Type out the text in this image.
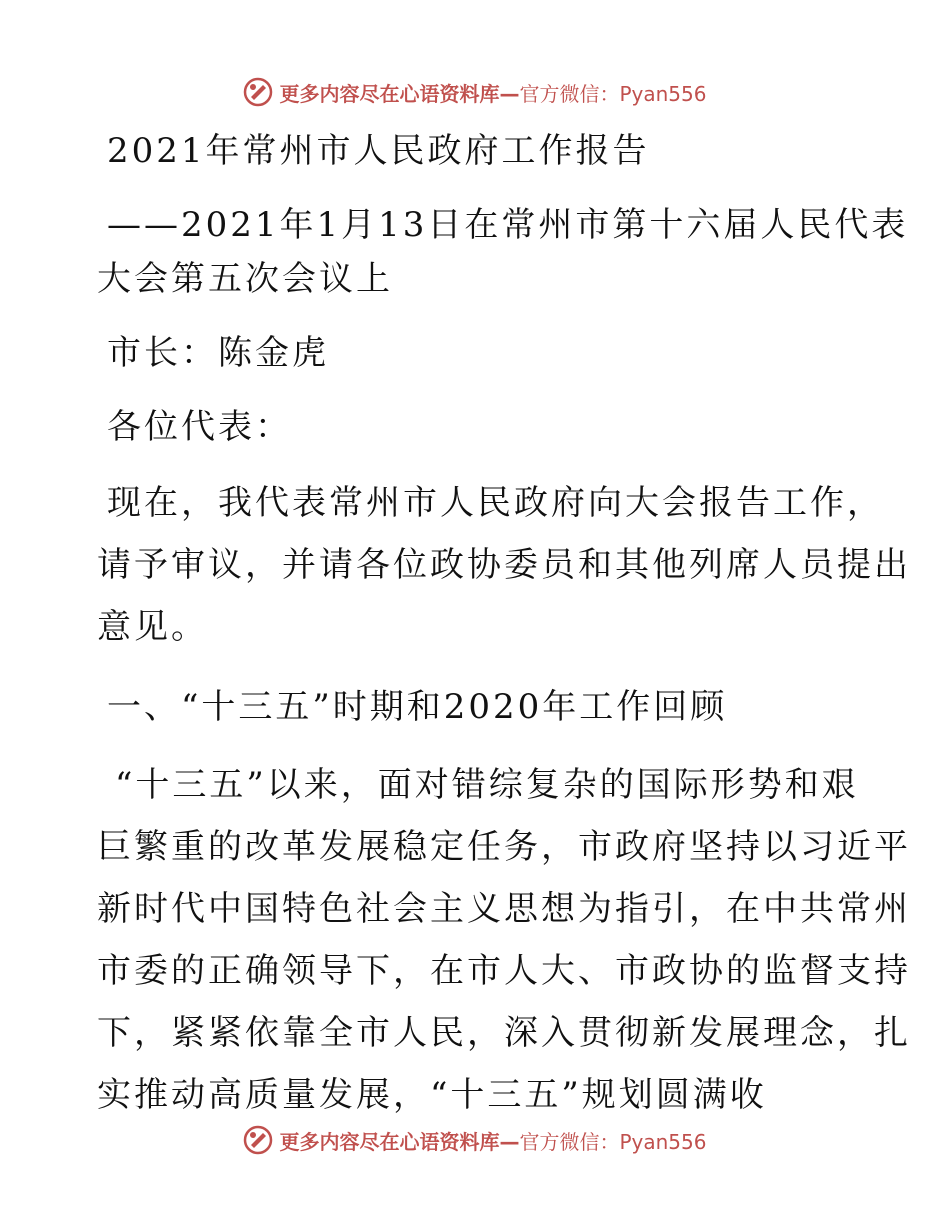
更多内容尽在心语资料库— 官方微信：Pyan556

2021年常州市人民政府工作报告

——2021年1月13日在常州市第十六届人民代表

大会第五次会议上

市长：陈金虎

各位代表：

现在，我代表常州市人民政府向大会报告工作，

请予审议，并请各位政协委员和其他列席人员提出

意见。

一、“十三五”时期和2020年工作回顾

“十三五”以来，面对错综复杂的国际形势和艰

巨繁重的改革发展稳定任务，市政府坚持以习近平

新时代中国特色社会主义思想为指引，在中共常州

市委的正确领导下，在市人大、市政协的监督支持

下，紧紧依靠全市人民，深入贯彻新发展理念，扎

实推动高质量发展，“十三五”规划圆满收

更多内容尽在心语资料库— 官方微信：Pyan556
